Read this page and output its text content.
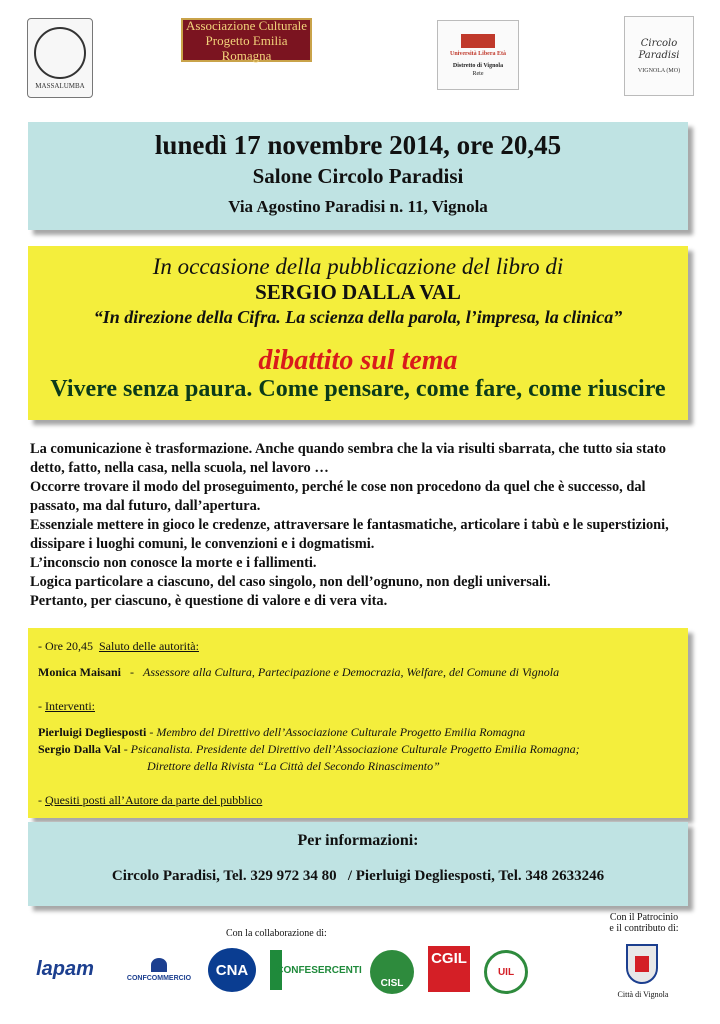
MASSALUMBA
Associazione Culturale
Progetto Emilia Romagna	Università Libera Età
Distretto di Vignola
Rete
Circolo
Paradisi
VIGNOLA (MO)
lunedì 17 novembre 2014, ore 20,45
Salone Circolo Paradisi
Via Agostino Paradisi n. 11, Vignola
In occasione della pubblicazione del libro di
SERGIO DALLA VAL
“In direzione della Cifra. La scienza della parola, l’impresa, la clinica”
dibattito sul tema
Vivere senza paura. Come pensare, come fare, come riuscire
La comunicazione è trasformazione. Anche quando sembra che la via risulti sbarrata, che tutto sia stato
detto, fatto, nella casa, nella scuola, nel lavoro …
Occorre trovare il modo del proseguimento, perché le cose non procedono da quel che è successo, dal
passato, ma dal futuro, dall’apertura.
Essenziale mettere in gioco le credenze, attraversare le fantasmatiche, articolare i tabù e le superstizioni,
dissipare i luoghi comuni, le convenzioni e i dogmatismi.
L’inconscio non conosce la morte e i fallimenti.
Logica particolare a ciascuno, del caso singolo, non dell’ognuno, non degli universali.
Pertanto, per ciascuno, è questione di valore e di vera vita.
- Ore 20,45 Saluto delle autorità:
Monica Maisani - Assessore alla Cultura, Partecipazione e Democrazia, Welfare, del Comune di Vignola
- Interventi:
Pierluigi Degliesposti - Membro del Direttivo dell’Associazione Culturale Progetto Emilia Romagna
Sergio Dalla Val - Psicanalista. Presidente del Direttivo dell’Associazione Culturale Progetto Emilia Romagna;
Direttore della Rivista “La Città del Secondo Rinascimento”
- Quesiti posti all’Autore da parte del pubblico
Per informazioni:
Circolo Paradisi, Tel. 329 972 34 80   / Pierluigi Degliesposti, Tel. 348 2633246
Con la collaborazione di:
Con il Patrocinio
e il contributo di:
lapam	CONFCOMMERCIO CNA	CONFESERCENTI
CISL
CGIL
UIL
Città di Vignola
